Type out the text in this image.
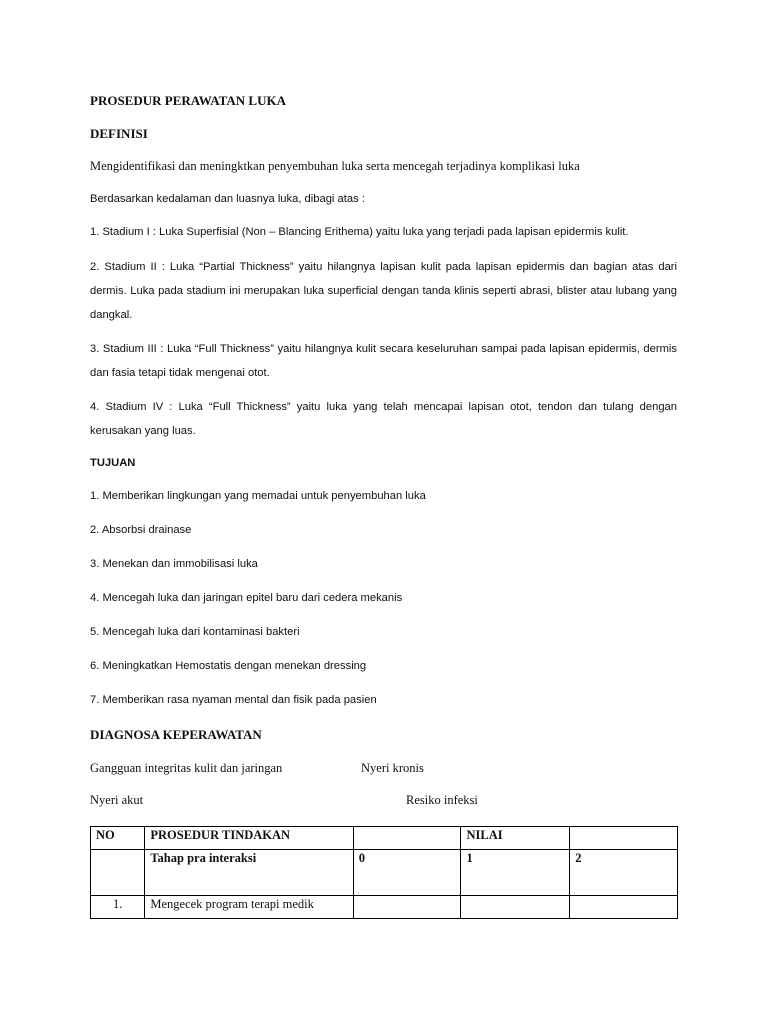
PROSEDUR PERAWATAN LUKA
DEFINISI
Mengidentifikasi dan meningktkan penyembuhan luka serta mencegah terjadinya komplikasi luka
Berdasarkan kedalaman dan luasnya luka, dibagi atas :
1. Stadium I : Luka Superfisial (Non – Blancing Erithema) yaitu luka yang terjadi pada lapisan epidermis kulit.
2. Stadium II : Luka “Partial Thickness” yaitu hilangnya lapisan kulit pada lapisan epidermis dan bagian atas dari dermis. Luka pada stadium ini merupakan luka superficial dengan tanda klinis seperti abrasi, blister atau lubang yang dangkal.
3. Stadium III : Luka “Full Thickness” yaitu hilangnya kulit secara keseluruhan sampai pada lapisan epidermis, dermis dan fasia tetapi tidak mengenai otot.
4. Stadium IV : Luka “Full Thickness” yaitu luka yang telah mencapai lapisan otot, tendon dan tulang dengan kerusakan yang luas.
TUJUAN
1. Memberikan lingkungan yang memadai untuk penyembuhan luka
2. Absorbsi drainase
3. Menekan dan immobilisasi luka
4. Mencegah luka dan jaringan epitel baru dari cedera mekanis
5. Mencegah luka dari kontaminasi bakteri
6. Meningkatkan Hemostatis dengan menekan dressing
7. Memberikan rasa nyaman mental dan fisik pada pasien
DIAGNOSA KEPERAWATAN
Gangguan integritas kulit dan jaringan	Nyeri kronis
Nyeri akut	Resiko infeksi
NO	PROSEDUR TINDAKAN		NILAI	
	Tahap pra interaksi	0	1	2
1.	Mengecek program terapi medik			
